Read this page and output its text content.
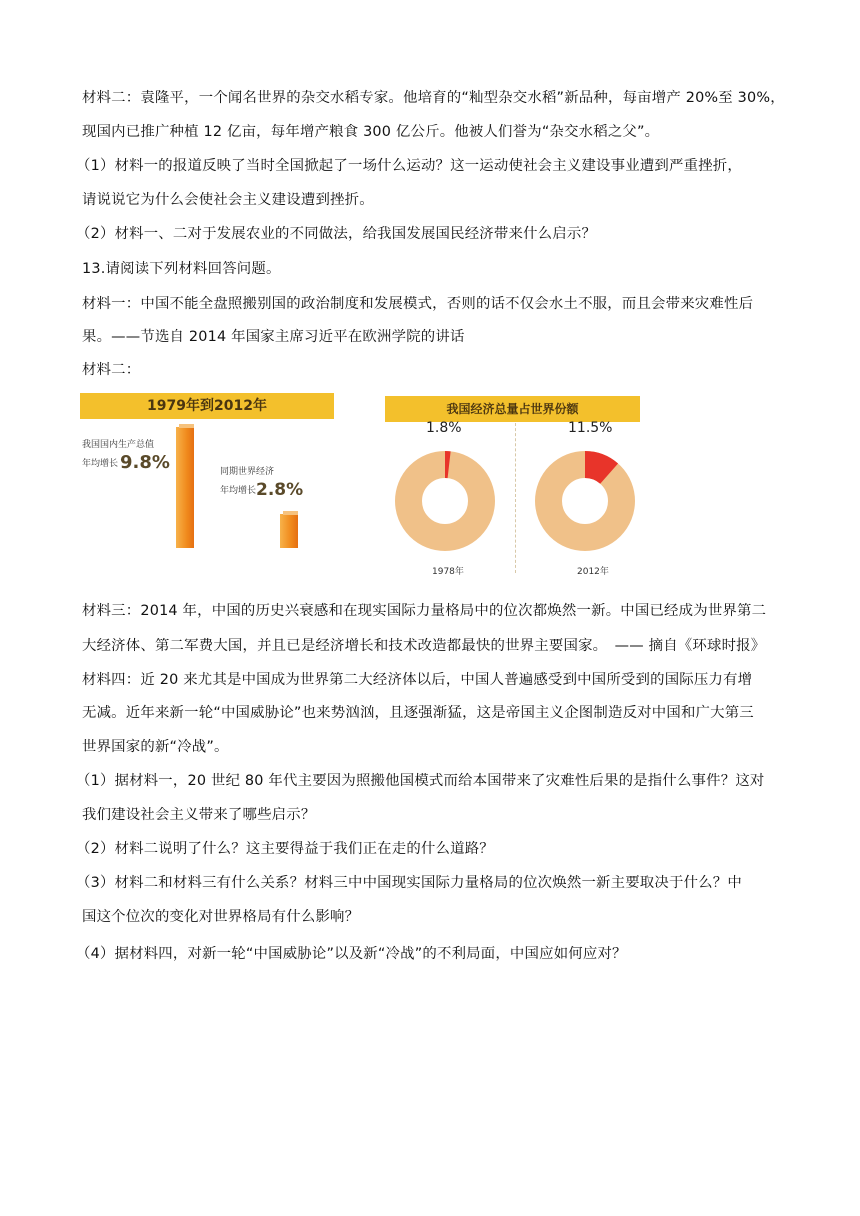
材料二：袁隆平，一个闻名世界的杂交水稻专家。他培育的“籼型杂交水稻”新品种，每亩增产 20%至 30%，
现国内已推广种植 12 亿亩，每年增产粮食 300 亿公斤。他被人们誉为“杂交水稻之父”。
（1）材料一的报道反映了当时全国掀起了一场什么运动？这一运动使社会主义建设事业遭到严重挫折，
请说说它为什么会使社会主义建设遭到挫折。
（2）材料一、二对于发展农业的不同做法，给我国发展国民经济带来什么启示？
13.请阅读下列材料回答问题。
材料一：中国不能全盘照搬别国的政治制度和发展模式，否则的话不仅会水土不服，而且会带来灾难性后
果。——节选自 2014 年国家主席习近平在欧洲学院的讲话
材料二：
1979年到2012年
我国国内生产总值
年均增长 9.8%	同期世界经济
年均增长 2.8%
我国经济总量占世界份额
1.8%	11.5%
1978年	2012年
材料三：2014 年，中国的历史兴衰感和在现实国际力量格局中的位次都焕然一新。中国已经成为世界第二
大经济体、第二军费大国，并且已是经济增长和技术改造都最快的世界主要国家。　—— 摘自《环球时报》
材料四：近 20 来尤其是中国成为世界第二大经济体以后，中国人普遍感受到中国所受到的国际压力有增
无减。近年来新一轮“中国威胁论”也来势汹汹，且逐强渐猛，这是帝国主义企图制造反对中国和广大第三
世界国家的新“冷战”。
（1）据材料一，20 世纪 80 年代主要因为照搬他国模式而给本国带来了灾难性后果的是指什么事件？这对
我们建设社会主义带来了哪些启示？
（2）材料二说明了什么？这主要得益于我们正在走的什么道路？
（3）材料二和材料三有什么关系？材料三中中国现实国际力量格局的位次焕然一新主要取决于什么？中
国这个位次的变化对世界格局有什么影响？
（4）据材料四，对新一轮“中国威胁论”以及新“冷战”的不利局面，中国应如何应对？
